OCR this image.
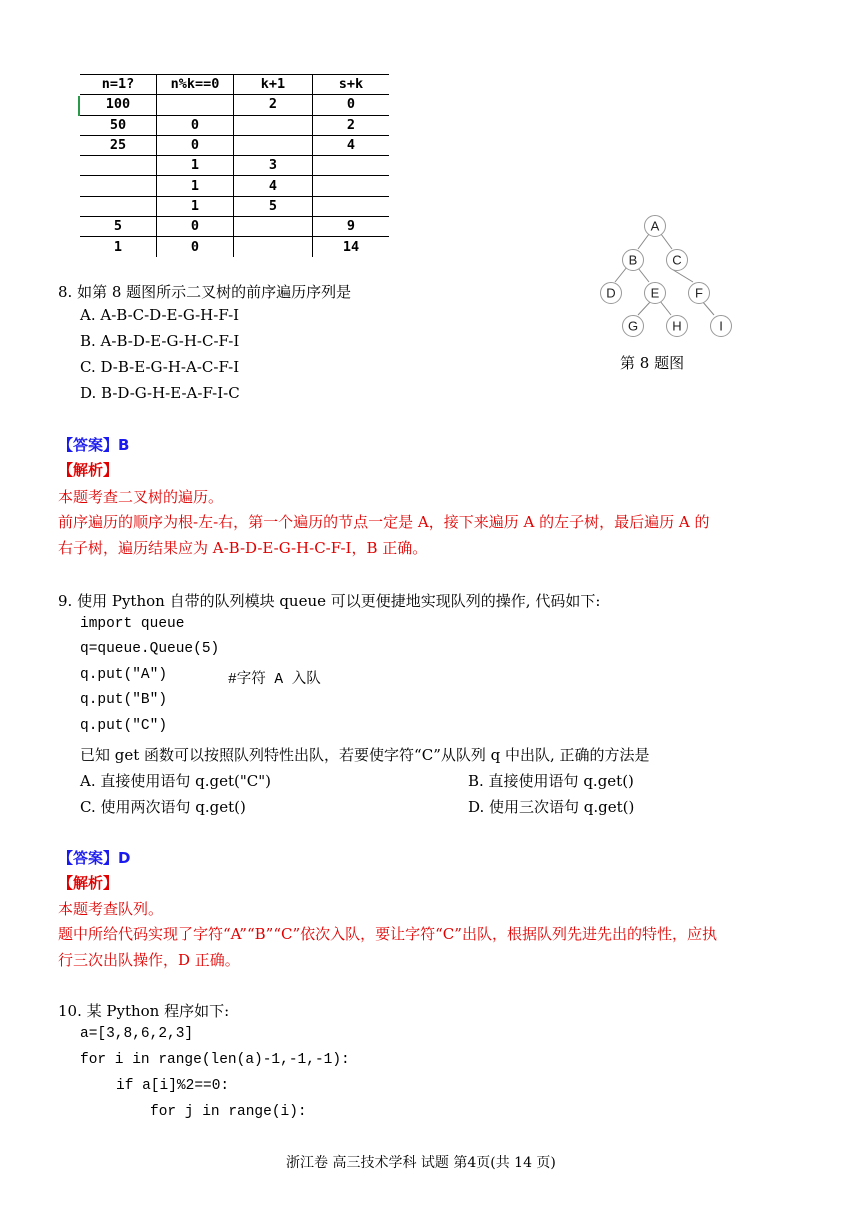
n=1?	n%k==0	k+1	s+k
100		2	0
50	0		2
25	0		4
	1	3	
	1	4	
	1	5	
5	0		9
1	0		14
8. 如第 8 题图所示二叉树的前序遍历序列是
A. A-B-C-D-E-G-H-F-I
B. A-B-D-E-G-H-C-F-I
C. D-B-E-G-H-A-C-F-I
D. B-D-G-H-E-A-F-I-C
A
B	C
D	E	F
G	H	I
第 8 题图
【答案】B
【解析】
本题考查二叉树的遍历。
前序遍历的顺序为根-左-右，第一个遍历的节点一定是 A，接下来遍历 A 的左子树，最后遍历 A 的
右子树，遍历结果应为 A-B-D-E-G-H-C-F-I，B 正确。
9. 使用 Python 自带的队列模块 queue 可以更便捷地实现队列的操作, 代码如下:
import queue
q=queue.Queue(5)
q.put("A")	#字符 A 入队
q.put("B")
q.put("C")
已知 get 函数可以按照队列特性出队，若要使字符“C”从队列 q 中出队, 正确的方法是
A. 直接使用语句 q.get("C")	B. 直接使用语句 q.get()
C. 使用两次语句 q.get()	D. 使用三次语句 q.get()
【答案】D
【解析】
本题考查队列。
题中所给代码实现了字符“A”“B”“C”依次入队，要让字符“C”出队，根据队列先进先出的特性，应执
行三次出队操作，D 正确。
10. 某 Python 程序如下:
a=[3,8,6,2,3]
for i in range(len(a)-1,-1,-1):
if a[i]%2==0:
for j in range(i):
浙江卷 高三技术学科 试题 第4页(共 14 页)
